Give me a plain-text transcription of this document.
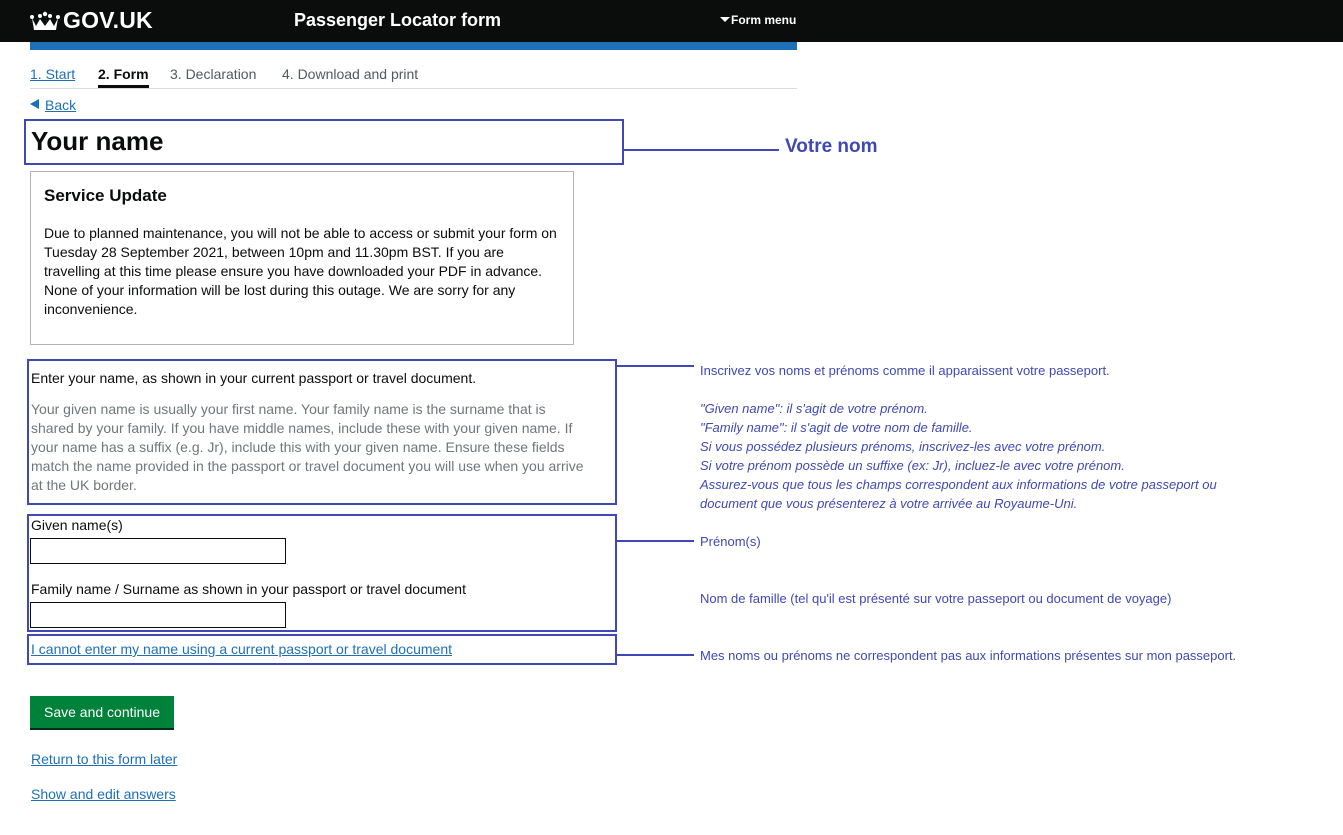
GOV.UK	Passenger Locator form	Form menu
1. Start 2. Form 3. Declaration 4. Download and print
Back
Your name
Service Update
Due to planned maintenance, you will not be able to access or submit your form on Tuesday 28 September 2021, between 10pm and 11.30pm BST. If you are travelling at this time please ensure you have downloaded your PDF in advance. None of your information will be lost during this outage. We are sorry for any inconvenience.
Enter your name, as shown in your current passport or travel document.
Your given name is usually your first name. Your family name is the surname that is shared by your family. If you have middle names, include these with your given name. If your name has a suffix (e.g. Jr), include this with your given name. Ensure these fields match the name provided in the passport or travel document you will use when you arrive at the UK border.
Given name(s)
Family name / Surname as shown in your passport or travel document
I cannot enter my name using a current passport or travel document
Save and continue
Return to this form later
Show and edit answers
Votre nom
Inscrivez vos noms et prénoms comme il apparaissent votre passeport.
"Given name": il s'agit de votre prénom.
"Family name": il s'agit de votre nom de famille.
Si vous possédez plusieurs prénoms, inscrivez-les avec votre prénom.
Si votre prénom possède un suffixe (ex: Jr), incluez-le avec votre prénom.
Assurez-vous que tous les champs correspondent aux informations de votre passeport ou
document que vous présenterez à votre arrivée au Royaume-Uni.
Prénom(s)
Nom de famille (tel qu'il est présenté sur votre passeport ou document de voyage)
Mes noms ou prénoms ne correspondent pas aux informations présentes sur mon passeport.
